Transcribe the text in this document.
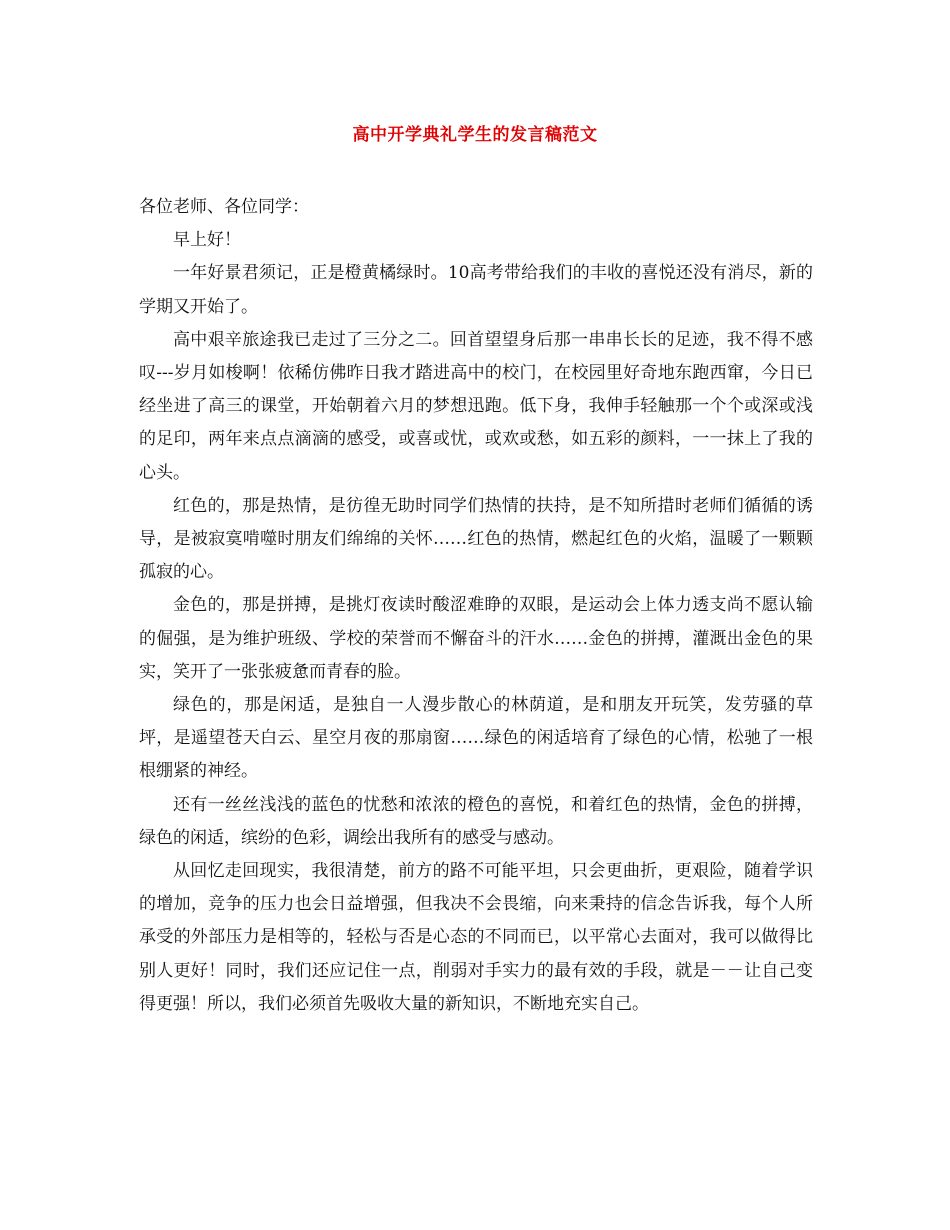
高中开学典礼学生的发言稿范文

各位老师、各位同学：

早上好！

一年好景君须记，正是橙黄橘绿时。10高考带给我们的丰收的喜悦还没有消尽，新的学期又开始了。

高中艰辛旅途我已走过了三分之二。回首望望身后那一串串长长的足迹，我不得不感叹---岁月如梭啊！依稀仿佛昨日我才踏进高中的校门，在校园里好奇地东跑西窜，今日已经坐进了高三的课堂，开始朝着六月的梦想迅跑。低下身，我伸手轻触那一个个或深或浅的足印，两年来点点滴滴的感受，或喜或忧，或欢或愁，如五彩的颜料，一一抹上了我的心头。

红色的，那是热情，是彷徨无助时同学们热情的扶持，是不知所措时老师们循循的诱导，是被寂寞啃噬时朋友们绵绵的关怀……红色的热情，燃起红色的火焰，温暖了一颗颗孤寂的心。

金色的，那是拼搏，是挑灯夜读时酸涩难睁的双眼，是运动会上体力透支尚不愿认输的倔强，是为维护班级、学校的荣誉而不懈奋斗的汗水……金色的拼搏，灌溉出金色的果实，笑开了一张张疲惫而青春的脸。

绿色的，那是闲适，是独自一人漫步散心的林荫道，是和朋友开玩笑，发劳骚的草坪，是遥望苍天白云、星空月夜的那扇窗……绿色的闲适培育了绿色的心情，松驰了一根根绷紧的神经。

还有一丝丝浅浅的蓝色的忧愁和浓浓的橙色的喜悦，和着红色的热情，金色的拼搏，绿色的闲适，缤纷的色彩，调绘出我所有的感受与感动。

从回忆走回现实，我很清楚，前方的路不可能平坦，只会更曲折，更艰险，随着学识的增加，竞争的压力也会日益增强，但我决不会畏缩，向来秉持的信念告诉我，每个人所承受的外部压力是相等的，轻松与否是心态的不同而已，以平常心去面对，我可以做得比别人更好！同时，我们还应记住一点，削弱对手实力的最有效的手段，就是－－让自己变得更强！所以，我们必须首先吸收大量的新知识，不断地充实自己。
